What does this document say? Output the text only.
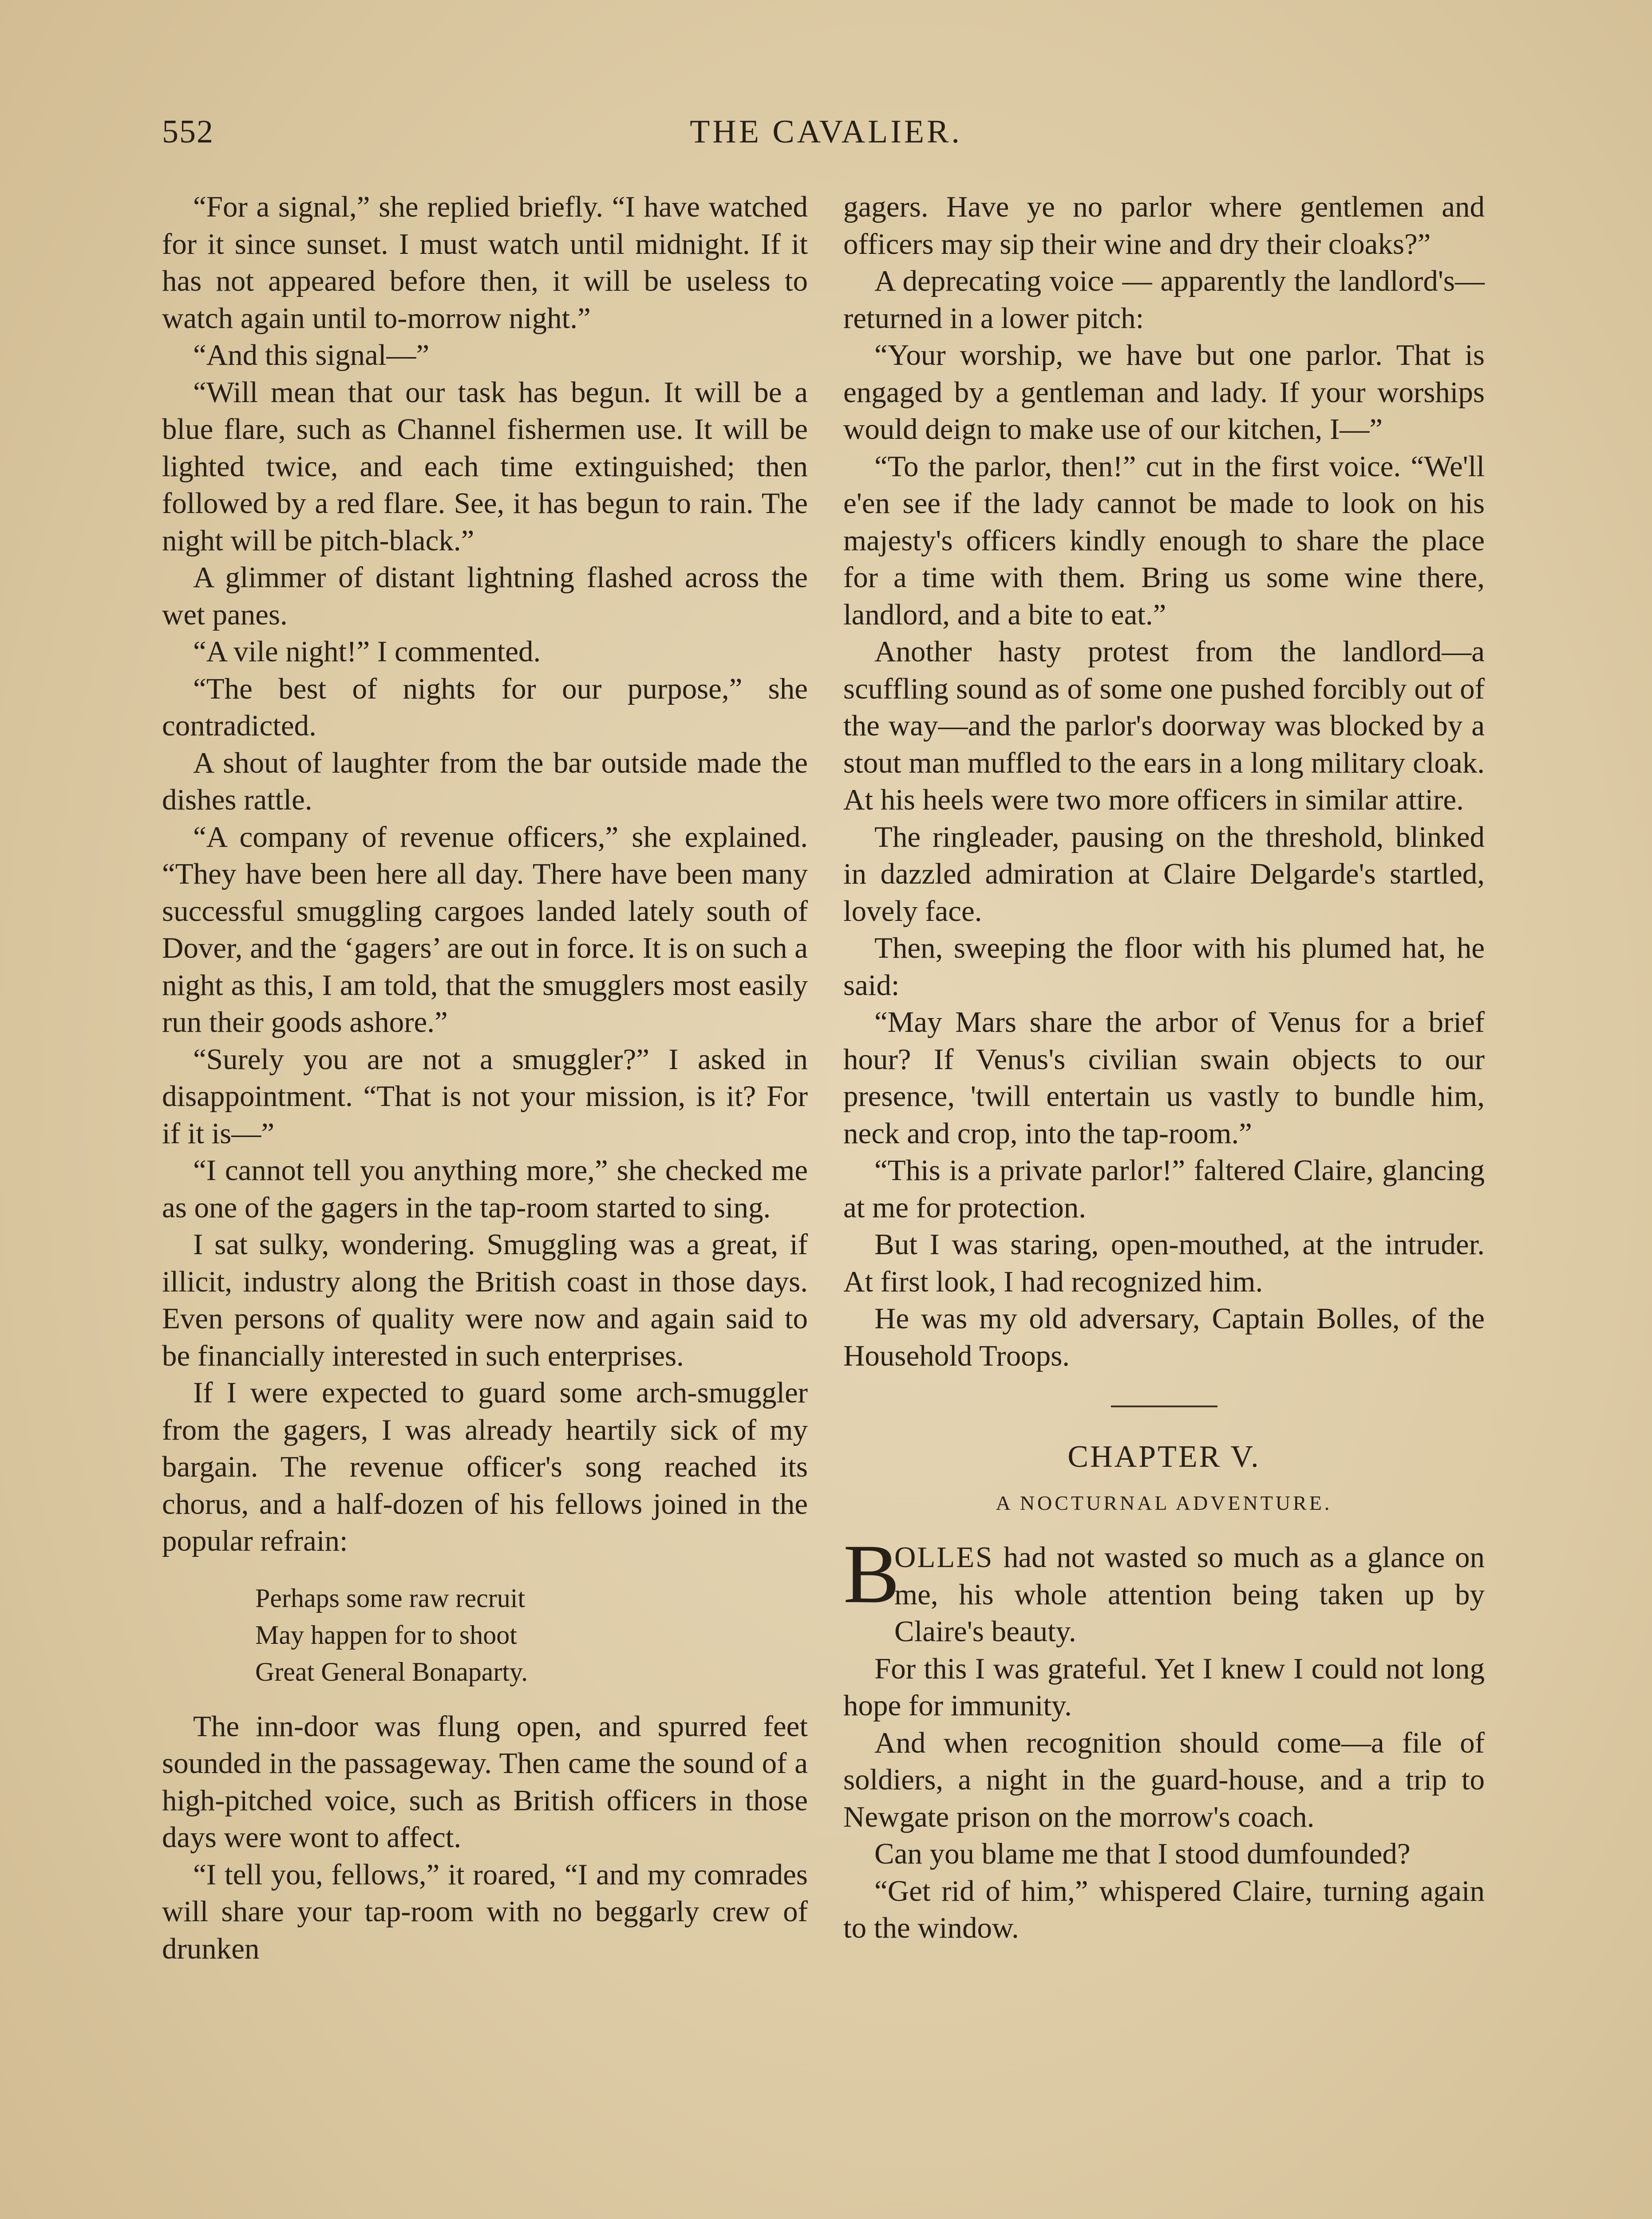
552	THE CAVALIER.

“For a signal,” she replied briefly. “I have watched for it since sunset. I must watch until midnight. If it has not appeared before then, it will be useless to watch again until to-morrow night.”

“And this signal—”

“Will mean that our task has begun. It will be a blue flare, such as Channel fishermen use. It will be lighted twice, and each time extinguished; then followed by a red flare. See, it has begun to rain. The night will be pitch-black.”

A glimmer of distant lightning flashed across the wet panes.

“A vile night!” I commented.

“The best of nights for our purpose,” she contradicted.

A shout of laughter from the bar outside made the dishes rattle.

“A company of revenue officers,” she explained. “They have been here all day. There have been many successful smuggling cargoes landed lately south of Dover, and the ‘gagers’ are out in force. It is on such a night as this, I am told, that the smugglers most easily run their goods ashore.”

“Surely you are not a smuggler?” I asked in disappointment. “That is not your mission, is it? For if it is—”

“I cannot tell you anything more,” she checked me as one of the gagers in the tap-room started to sing.

I sat sulky, wondering. Smuggling was a great, if illicit, industry along the British coast in those days. Even persons of quality were now and again said to be financially interested in such enterprises.

If I were expected to guard some arch-smuggler from the gagers, I was already heartily sick of my bargain. The revenue officer's song reached its chorus, and a half-dozen of his fellows joined in the popular refrain:

Perhaps some raw recruit
May happen for to shoot
Great General Bonaparty.

The inn-door was flung open, and spurred feet sounded in the passageway. Then came the sound of a high-pitched voice, such as British officers in those days were wont to affect.

“I tell you, fellows,” it roared, “I and my comrades will share your tap-room with no beggarly crew of drunken

gagers. Have ye no parlor where gentlemen and officers may sip their wine and dry their cloaks?”

A deprecating voice — apparently the landlord's—returned in a lower pitch:

“Your worship, we have but one parlor. That is engaged by a gentleman and lady. If your worships would deign to make use of our kitchen, I—”

“To the parlor, then!” cut in the first voice. “We'll e'en see if the lady cannot be made to look on his majesty's officers kindly enough to share the place for a time with them. Bring us some wine there, landlord, and a bite to eat.”

Another hasty protest from the landlord—a scuffling sound as of some one pushed forcibly out of the way—and the parlor's doorway was blocked by a stout man muffled to the ears in a long military cloak. At his heels were two more officers in similar attire.

The ringleader, pausing on the threshold, blinked in dazzled admiration at Claire Delgarde's startled, lovely face.

Then, sweeping the floor with his plumed hat, he said:

“May Mars share the arbor of Venus for a brief hour? If Venus's civilian swain objects to our presence, 'twill entertain us vastly to bundle him, neck and crop, into the tap-room.”

“This is a private parlor!” faltered Claire, glancing at me for protection.

But I was staring, open-mouthed, at the intruder. At first look, I had recognized him.

He was my old adversary, Captain Bolles, of the Household Troops.

CHAPTER V.
A NOCTURNAL ADVENTURE.

B
OLLES had not wasted so much as a glance on me, his whole attention being taken up by Claire's beauty.

For this I was grateful. Yet I knew I could not long hope for immunity.

And when recognition should come—a file of soldiers, a night in the guard-house, and a trip to Newgate prison on the morrow's coach.

Can you blame me that I stood dumfounded?

“Get rid of him,” whispered Claire, turning again to the window.
